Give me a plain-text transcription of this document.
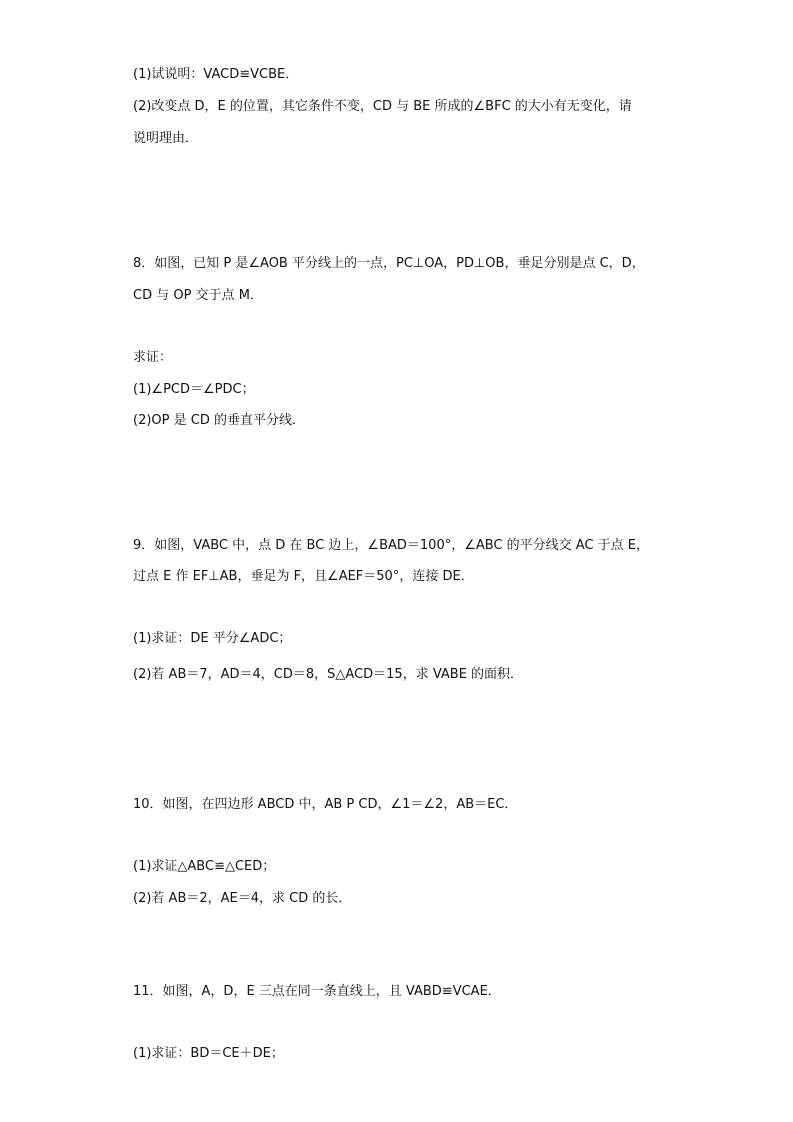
(1)试说明：VACD≌VCBE．
(2)改变点 D，E 的位置，其它条件不变，CD 与 BE 所成的∠BFC 的大小有无变化，请
说明理由．
8．如图，已知 P 是∠AOB 平分线上的一点，PC⊥OA，PD⊥OB，垂足分别是点 C，D，
CD 与 OP 交于点 M．
求证：
(1)∠PCD＝∠PDC；
(2)OP 是 CD 的垂直平分线．
9．如图，VABC 中，点 D 在 BC 边上，∠BAD＝100°，∠ABC 的平分线交 AC 于点 E，
过点 E 作 EF⊥AB，垂足为 F，且∠AEF＝50°，连接 DE．
(1)求证：DE 平分∠ADC；
(2)若 AB＝7，AD＝4，CD＝8，S△ACD＝15，求 VABE 的面积．
10．如图，在四边形 ABCD 中，AB P CD，∠1＝∠2，AB＝EC．
(1)求证△ABC≌△CED；
(2)若 AB＝2，AE＝4，求 CD 的长．
11．如图，A，D，E 三点在同一条直线上，且 VABD≌VCAE．
(1)求证：BD＝CE＋DE；
